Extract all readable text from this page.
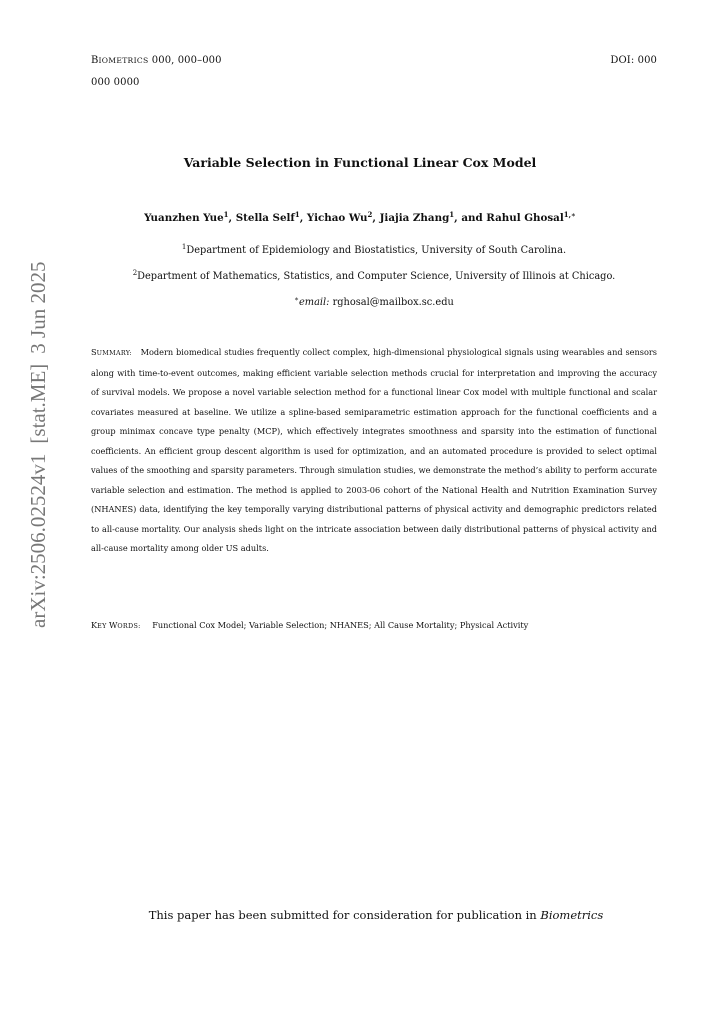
BIOMETRICS 000, 000–000
000 0000
DOI: 000
Variable Selection in Functional Linear Cox Model
Yuanzhen Yue$^1$, Stella Self$^1$, Yichao Wu$^2$, Jiajia Zhang$^1$, and Rahul Ghosal$^{1,∗}$
$^1$Department of Epidemiology and Biostatistics, University of South Carolina.
$^2$Department of Mathematics, Statistics, and Computer Science, University of Illinois at Chicago.
∗email: rghosal@mailbox.sc.edu
SUMMARY: Modern biomedical studies frequently collect complex, high-dimensional physiological signals using wearables and sensors along with time-to-event outcomes, making efficient variable selection methods crucial for interpretation and improving the accuracy of survival models. We propose a novel variable selection method for a functional linear Cox model with multiple functional and scalar covariates measured at baseline. We utilize a spline-based semiparametric estimation approach for the functional coefficients and a group minimax concave type penalty (MCP), which effectively integrates smoothness and sparsity into the estimation of functional coefficients. An efficient group descent algorithm is used for optimization, and an automated procedure is provided to select optimal values of the smoothing and sparsity parameters. Through simulation studies, we demonstrate the method’s ability to perform accurate variable selection and estimation. The method is applied to 2003-06 cohort of the National Health and Nutrition Examination Survey (NHANES) data, identifying the key temporally varying distributional patterns of physical activity and demographic predictors related to all-cause mortality. Our analysis sheds light on the intricate association between daily distributional patterns of physical activity and all-cause mortality among older US adults.
KEY WORDS: Functional Cox Model; Variable Selection; NHANES; All Cause Mortality; Physical Activity
This paper has been submitted for consideration for publication in Biometrics
arXiv:2506.02524v1[stat.ME]3 Jun 2025
